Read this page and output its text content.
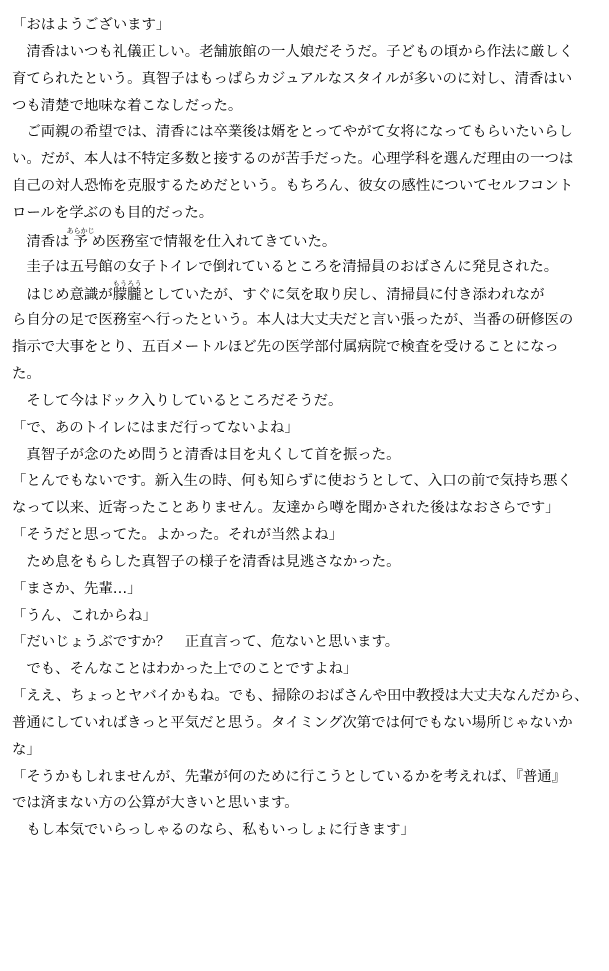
「おはようございます」
　清香はいつも礼儀正しい。老舗旅館の一人娘だそうだ。子どもの頃から作法に厳しく
育てられたという。真智子はもっぱらカジュアルなスタイルが多いのに対し、清香はい
つも清楚で地味な着こなしだった。
　ご両親の希望では、清香には卒業後は婿をとってやがて女将になってもらいたいらし
い。だが、本人は不特定多数と接するのが苦手だった。心理学科を選んだ理由の一つは
自己の対人恐怖を克服するためだという。もちろん、彼女の感性についてセルフコント
ロールを学ぶのも目的だった。
　清香は予あらかじめ医務室で情報を仕入れてきていた。
　圭子は五号館の女子トイレで倒れているところを清掃員のおばさんに発見された。
　はじめ意識が朦朧もうろうとしていたが、すぐに気を取り戻し、清掃員に付き添われなが
ら自分の足で医務室へ行ったという。本人は大丈夫だと言い張ったが、当番の研修医の
指示で大事をとり、五百メートルほど先の医学部付属病院で検査を受けることになっ
た。
　そして今はドック入りしているところだそうだ。
「で、あのトイレにはまだ行ってないよね」
　真智子が念のため問うと清香は目を丸くして首を振った。
「とんでもないです。新入生の時、何も知らずに使おうとして、入口の前で気持ち悪く
なって以来、近寄ったことありません。友達から噂を聞かされた後はなおさらです」
「そうだと思ってた。よかった。それが当然よね」
　ため息をもらした真智子の様子を清香は見逃さなかった。
「まさか、先輩…」
「うん、これからね」
「だいじょうぶですか？　正直言って、危ないと思います。
　でも、そんなことはわかった上でのことですよね」
「ええ、ちょっとヤバイかもね。でも、掃除のおばさんや田中教授は大丈夫なんだから、
普通にしていればきっと平気だと思う。タイミング次第では何でもない場所じゃないか
な」
「そうかもしれませんが、先輩が何のために行こうとしているかを考えれば、『普通』
では済まない方の公算が大きいと思います。
　もし本気でいらっしゃるのなら、私もいっしょに行きます」
